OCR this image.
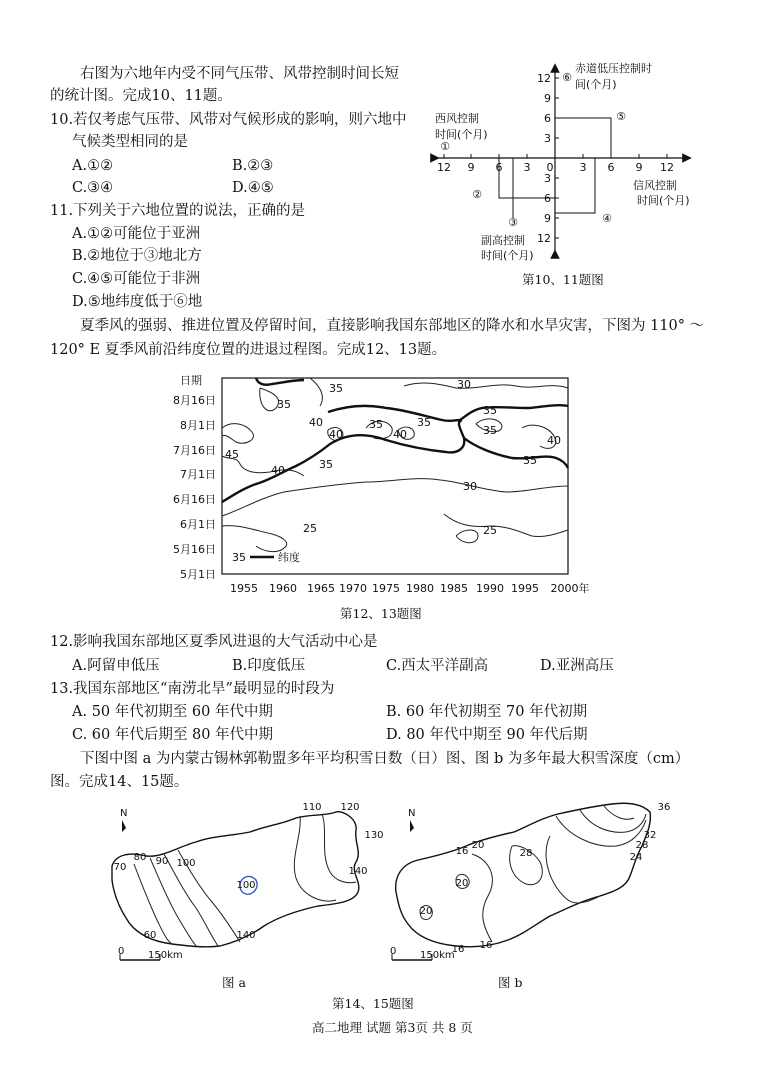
右图为六地年内受不同气压带、风带控制时间长短
的统计图。完成10、11题。
10.若仅考虑气压带、风带对气候形成的影响，则六地中
气候类型相同的是
A.①②	B.②③
C.③④	D.④⑤
11.下列关于六地位置的说法，正确的是
A.①②可能位于亚洲
B.②地位于③地北方
C.④⑤可能位于非洲
D.⑤地纬度低于⑥地
12 9 6 3 0 3 6 9 12
12
9
6
3
3
6
9
12
①
②
③	④
⑤
⑥
赤道低压控制时
间(个月)
西风控制
时间(个月)
信风控制
时间(个月)
副高控制
时间(个月)
第10、11题图
夏季风的强弱、推进位置及停留时间，直接影响我国东部地区的降水和水旱灾害，下图为 110° ～
120° E 夏季风前沿纬度位置的进退过程图。完成12、13题。
日期
8月16日
8月1日
7月16日
7月1日
6月16日
6月1日
5月16日
5月1日
1955 1960 1965 1970 1975 1980 1985 1990 1995 2000年
35	30
35
40
40
35
40
35
35
35
40
35
45
40	35
30
25	25
35	纬度
第12、13题图
12.影响我国东部地区夏季风进退的大气活动中心是
A.阿留申低压	B.印度低压	C.西太平洋副高	D.亚洲高压
13.我国东部地区“南涝北旱”最明显的时段为
A. 50 年代初期至 60 年代中期	B. 60 年代初期至 70 年代初期
C. 60 年代后期至 80 年代中期	D. 80 年代中期至 90 年代后期
下图中图 a 为内蒙古锡林郭勒盟多年平均积雪日数（日）图、图 b 为多年最大积雪深度（cm）
图。完成14、15题。
N
110 120
130
140
100
70
80 90 100
60	140
0 150km
图 a
N
36
32
28
24
16
20
28
20
20
16 16
0 150km
图 b
第14、15题图
高二地理 试题 第3页 共 8 页
